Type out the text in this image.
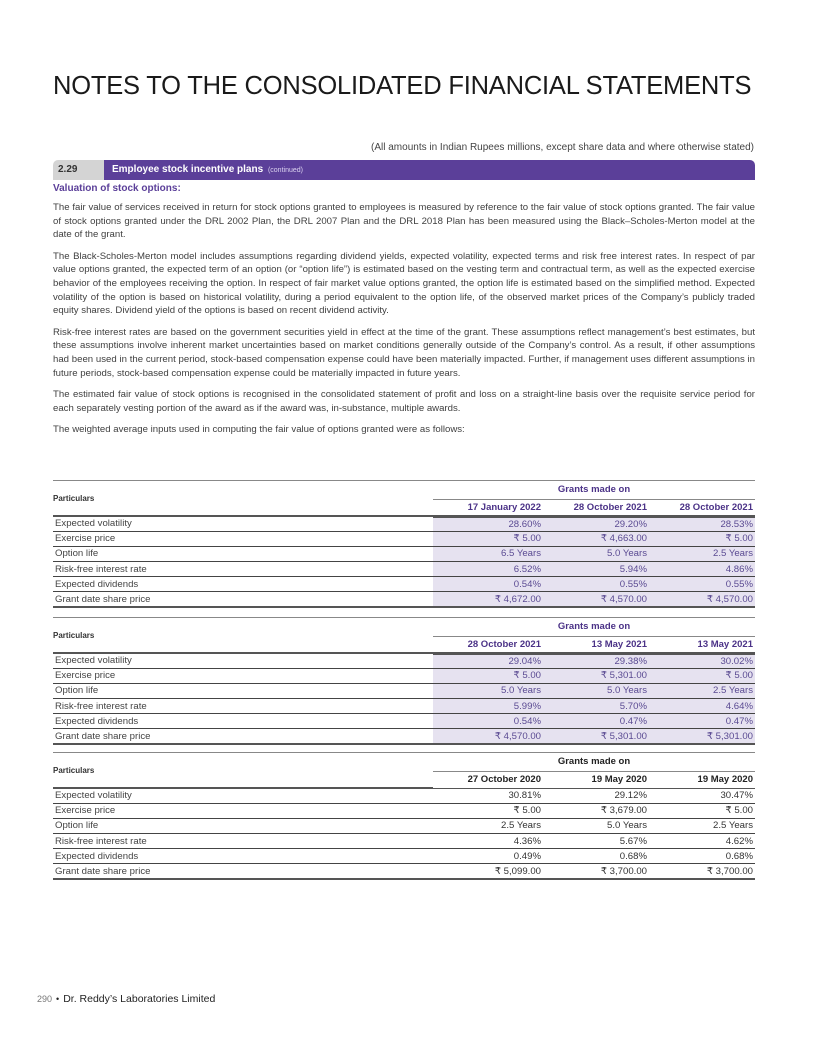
NOTES TO THE CONSOLIDATED FINANCIAL STATEMENTS
(All amounts in Indian Rupees millions, except share data and where otherwise stated)
2.29	Employee stock incentive plans (continued)
Valuation of stock options:

The fair value of services received in return for stock options granted to employees is measured by reference to the fair value of stock options granted. The fair value of stock options granted under the DRL 2002 Plan, the DRL 2007 Plan and the DRL 2018 Plan has been measured using the Black–Scholes-Merton model at the date of the grant.

The Black-Scholes-Merton model includes assumptions regarding dividend yields, expected volatility, expected terms and risk free interest rates. In respect of par value options granted, the expected term of an option (or “option life”) is estimated based on the vesting term and contractual term, as well as the expected exercise behavior of the employees receiving the option. In respect of fair market value options granted, the option life is estimated based on the simplified method. Expected volatility of the option is based on historical volatility, during a period equivalent to the option life, of the observed market prices of the Company’s publicly traded equity shares. Dividend yield of the options is based on recent dividend activity.

Risk-free interest rates are based on the government securities yield in effect at the time of the grant. These assumptions reflect management’s best estimates, but these assumptions involve inherent market uncertainties based on market conditions generally outside of the Company’s control. As a result, if other assumptions had been used in the current period, stock-based compensation expense could have been materially impacted. Further, if management uses different assumptions in future periods, stock-based compensation expense could be materially impacted in future years.

The estimated fair value of stock options is recognised in the consolidated statement of profit and loss on a straight-line basis over the requisite service period for each separately vesting portion of the award as if the award was, in-substance, multiple awards.

The weighted average inputs used in computing the fair value of options granted were as follows:

Particulars	Grants made on		
	17 January 2022	28 October 2021	28 October 2021
Expected volatility	28.60%	29.20%	28.53%
Exercise price	₹ 5.00	₹ 4,663.00	₹ 5.00
Option life	6.5 Years	5.0 Years	2.5 Years
Risk-free interest rate	6.52%	5.94%	4.86%
Expected dividends	0.54%	0.55%	0.55%
Grant date share price	₹ 4,672.00	₹ 4,570.00	₹ 4,570.00

Particulars	Grants made on		
	28 October 2021	13 May 2021	13 May 2021
Expected volatility	29.04%	29.38%	30.02%
Exercise price	₹ 5.00	₹ 5,301.00	₹ 5.00
Option life	5.0 Years	5.0 Years	2.5 Years
Risk-free interest rate	5.99%	5.70%	4.64%
Expected dividends	0.54%	0.47%	0.47%
Grant date share price	₹ 4,570.00	₹ 5,301.00	₹ 5,301.00

Particulars	Grants made on		
	27 October 2020	19 May 2020	19 May 2020
Expected volatility	30.81%	29.12%	30.47%
Exercise price	₹ 5.00	₹ 3,679.00	₹ 5.00
Option life	2.5 Years	5.0 Years	2.5 Years
Risk-free interest rate	4.36%	5.67%	4.62%
Expected dividends	0.49%	0.68%	0.68%
Grant date share price	₹ 5,099.00	₹ 3,700.00	₹ 3,700.00
290 • Dr. Reddy’s Laboratories Limited
